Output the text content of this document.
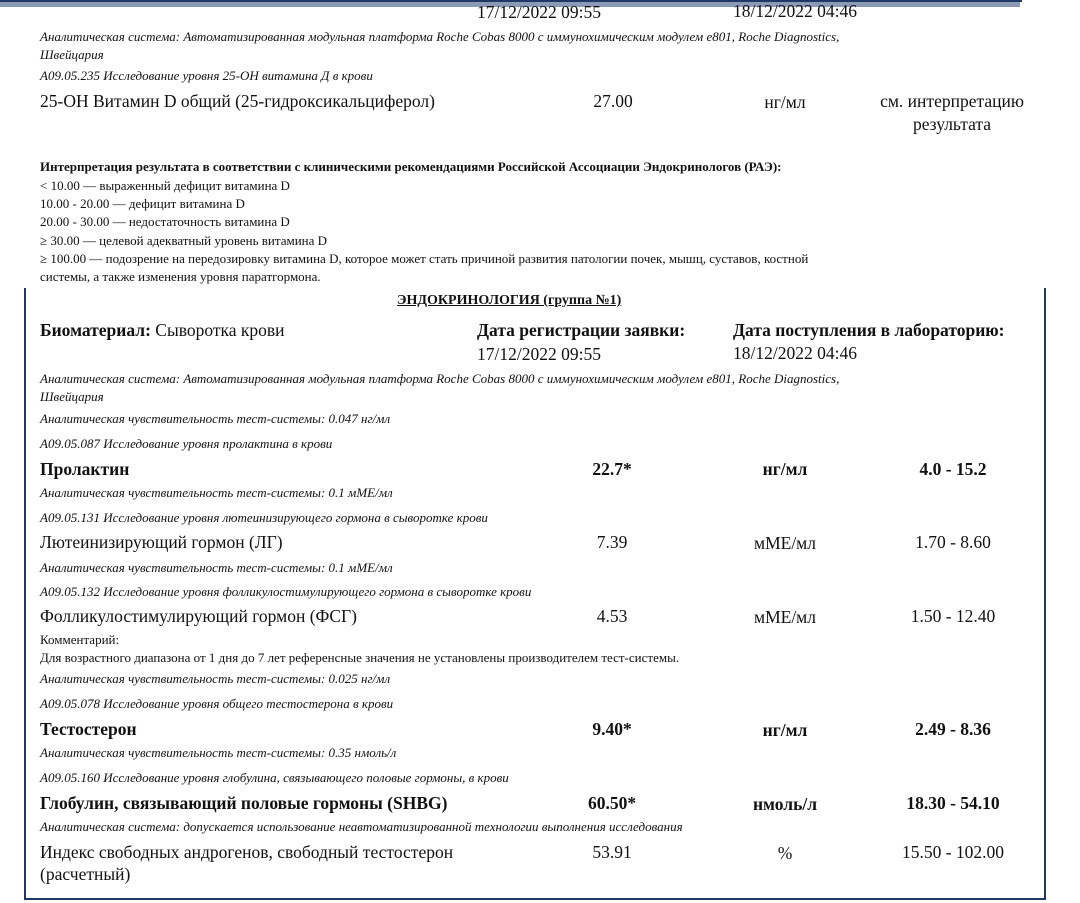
17/12/2022 09:55	18/12/2022 04:46
Аналитическая система: Автоматизированная модульная платформа Roche Cobas 8000 с иммунохимическим модулем e801, Roche Diagnostics,
Швейцария
A09.05.235 Исследование уровня 25-OH витамина Д в крови
25-OH Витамин D общий (25-гидроксикальциферол)	27.00	нг/мл	см. интерпретацию
результата
Интерпретация результата в соответствии с клиническими рекомендациями Российской Ассоциации Эндокринологов (РАЭ):
< 10.00 — выраженный дефицит витамина D
10.00 - 20.00 — дефицит витамина D
20.00 - 30.00 — недостаточность витамина D
≥ 30.00 — целевой адекватный уровень витамина D
≥ 100.00 — подозрение на передозировку витамина D, которое может стать причиной развития патологии почек, мышц, суставов, костной
системы, а также изменения уровня паратгормона.
ЭНДОКРИНОЛОГИЯ (группа №1)
Биоматериал: Сыворотка крови	Дата регистрации заявки:
17/12/2022 09:55
Дата поступления в лабораторию:
18/12/2022 04:46
Аналитическая система: Автоматизированная модульная платформа Roche Cobas 8000 с иммунохимическим модулем e801, Roche Diagnostics,
Швейцария
Аналитическая чувствительность тест-системы: 0.047 нг/мл
A09.05.087 Исследование уровня пролактина в крови
Пролактин	22.7*	нг/мл	4.0 - 15.2
Аналитическая чувствительность тест-системы: 0.1 мМЕ/мл
A09.05.131 Исследование уровня лютеинизирующего гормона в сыворотке крови
Лютеинизирующий гормон (ЛГ)	7.39	мМЕ/мл	1.70 - 8.60
Аналитическая чувствительность тест-системы: 0.1 мМЕ/мл
A09.05.132 Исследование уровня фолликулостимулирующего гормона в сыворотке крови
Фолликулостимулирующий гормон (ФСГ)	4.53	мМЕ/мл	1.50 - 12.40
Комментарий:
Для возрастного диапазона от 1 дня до 7 лет референсные значения не установлены производителем тест-системы.
Аналитическая чувствительность тест-системы: 0.025 нг/мл
A09.05.078 Исследование уровня общего тестостерона в крови
Тестостерон	9.40*	нг/мл	2.49 - 8.36
Аналитическая чувствительность тест-системы: 0.35 нмоль/л
A09.05.160 Исследование уровня глобулина, связывающего половые гормоны, в крови
Глобулин, связывающий половые гормоны (SHBG)	60.50*	нмоль/л	18.30 - 54.10
Аналитическая система: допускается использование неавтоматизированной технологии выполнения исследования
Индекс свободных андрогенов, свободный тестостерон
(расчетный)
53.91	%	15.50 - 102.00
